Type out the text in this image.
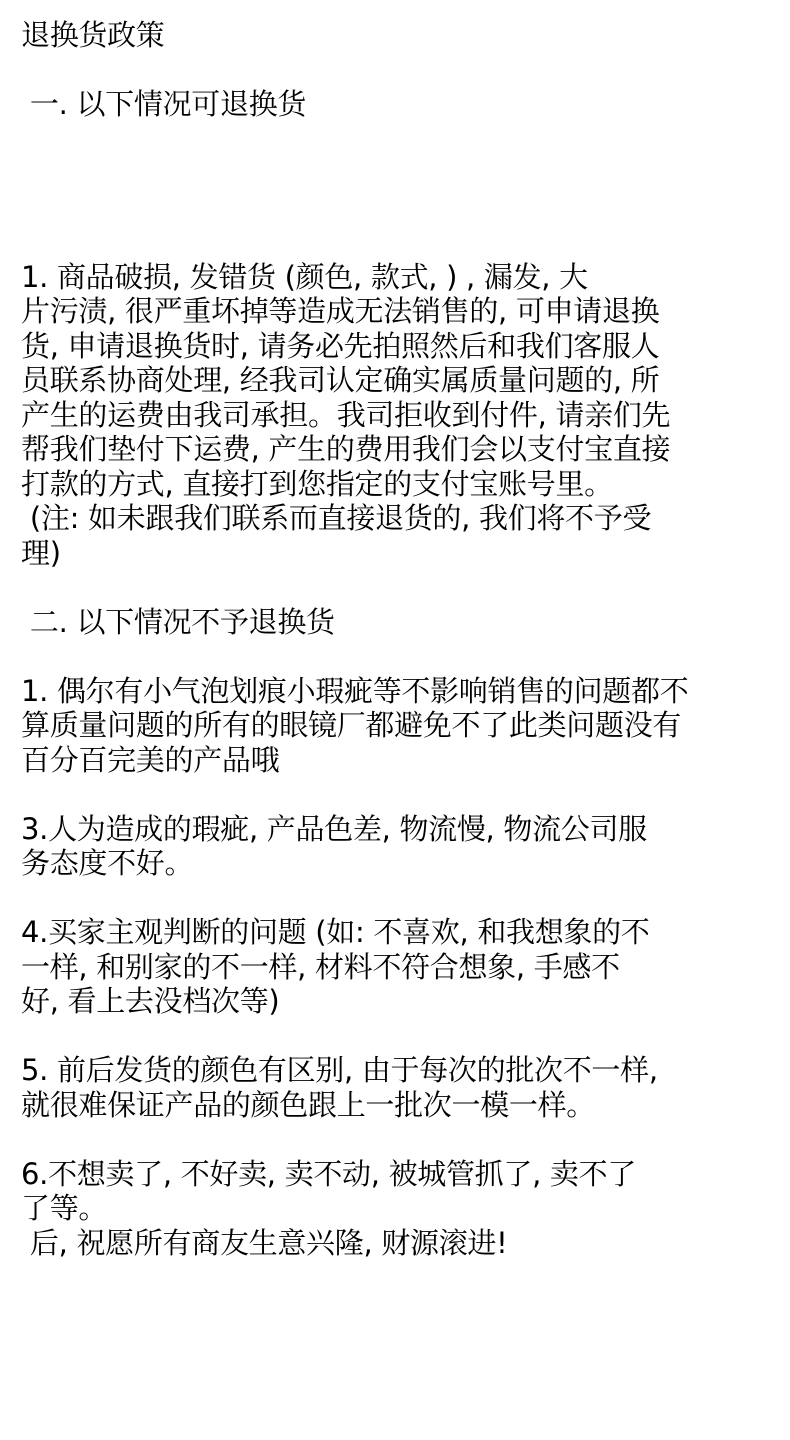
退换货政策
一. 以下情况可退换货
1. 商品破损, 发错货 (颜色, 款式, ) , 漏发, 大
片污渍, 很严重坏掉等造成无法销售的, 可申请退换
货, 申请退换货时, 请务必先拍照然后和我们客服人
员联系协商处理, 经我司认定确实属质量问题的, 所
产生的运费由我司承担。我司拒收到付件, 请亲们先
帮我们垫付下运费, 产生的费用我们会以支付宝直接
打款的方式, 直接打到您指定的支付宝账号里。
(注: 如未跟我们联系而直接退货的, 我们将不予受
理)
二. 以下情况不予退换货
1. 偶尔有小气泡划痕小瑕疵等不影响销售的问题都不
算质量问题的所有的眼镜厂都避免不了此类问题没有
百分百完美的产品哦
3.人为造成的瑕疵, 产品色差, 物流慢, 物流公司服
务态度不好。
4.买家主观判断的问题 (如: 不喜欢, 和我想象的不
一样, 和别家的不一样, 材料不符合想象, 手感不
好, 看上去没档次等)
5. 前后发货的颜色有区别, 由于每次的批次不一样,
就很难保证产品的颜色跟上一批次一模一样。
6.不想卖了, 不好卖, 卖不动, 被城管抓了, 卖不了
了等。
后, 祝愿所有商友生意兴隆, 财源滚进!
